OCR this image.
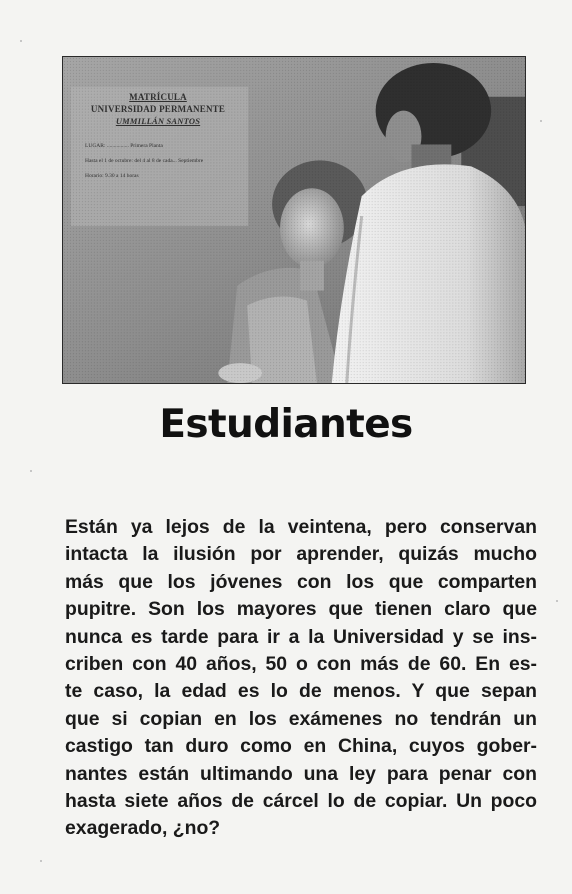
MATRÍCULA
UNIVERSIDAD PERMANENTE
UMMILLÁN SANTOS
LUGAR: ................ Primera Planta
Hasta el 1 de octubre: del 4 al 8 de cada... Septiembre
Horario: 9.30 a 14 horas
Estudiantes

Están ya lejos de la veintena, pero conservan
intacta la ilusión por aprender, quizás mucho
más que los jóvenes con los que comparten
pupitre. Son los mayores que tienen claro que
nunca es tarde para ir a la Universidad y se ins-
criben con 40 años, 50 o con más de 60. En es-
te caso, la edad es lo de menos. Y que sepan
que si copian en los exámenes no tendrán un
castigo tan duro como en China, cuyos gober-
nantes están ultimando una ley para penar con
hasta siete años de cárcel lo de copiar. Un poco
exagerado, ¿no?
